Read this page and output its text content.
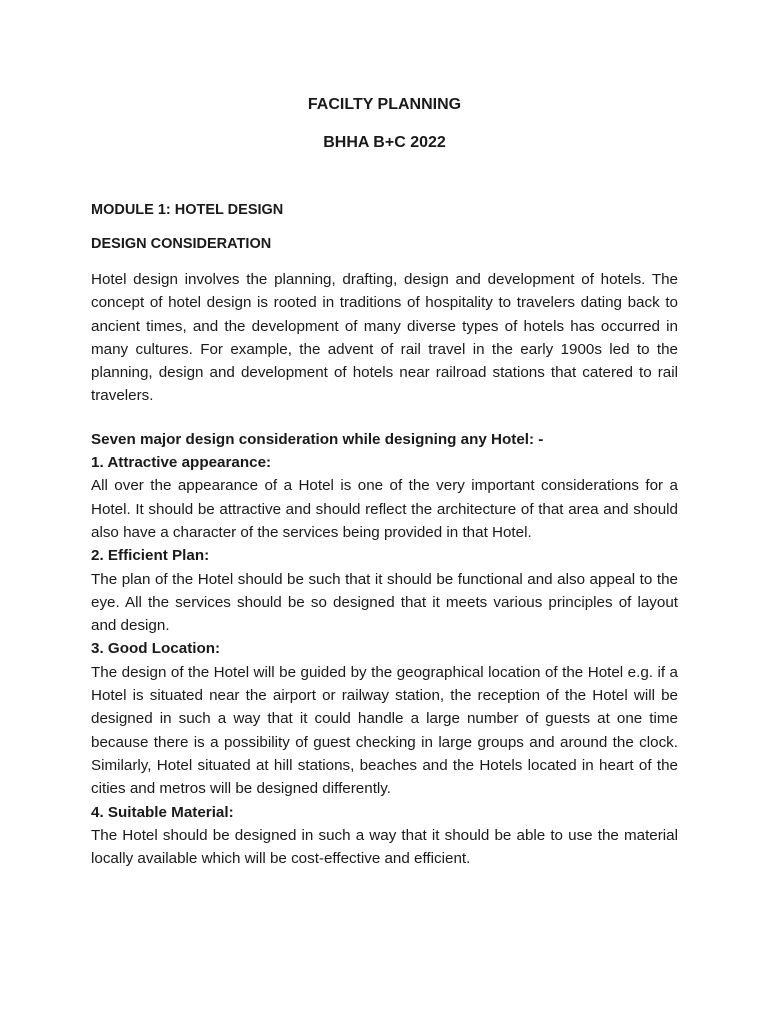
FACILTY PLANNING

BHHA B+C 2022

MODULE 1: HOTEL DESIGN

DESIGN CONSIDERATION

Hotel design involves the planning, drafting, design and development of hotels. The concept of hotel design is rooted in traditions of hospitality to travelers dating back to ancient times, and the development of many diverse types of hotels has occurred in many cultures. For example, the advent of rail travel in the early 1900s led to the planning, design and development of hotels near railroad stations that catered to rail travelers.

Seven major design consideration while designing any Hotel: -

1. Attractive appearance:

All over the appearance of a Hotel is one of the very important considerations for a Hotel. It should be attractive and should reflect the architecture of that area and should also have a character of the services being provided in that Hotel.

2. Efficient Plan:

The plan of the Hotel should be such that it should be functional and also appeal to the eye. All the services should be so designed that it meets various principles of layout and design.

3. Good Location:

The design of the Hotel will be guided by the geographical location of the Hotel e.g. if a Hotel is situated near the airport or railway station, the reception of the Hotel will be designed in such a way that it could handle a large number of guests at one time because there is a possibility of guest checking in large groups and around the clock. Similarly, Hotel situated at hill stations, beaches and the Hotels located in heart of the cities and metros will be designed differently.

4. Suitable Material:

The Hotel should be designed in such a way that it should be able to use the material locally available which will be cost-effective and efficient.
